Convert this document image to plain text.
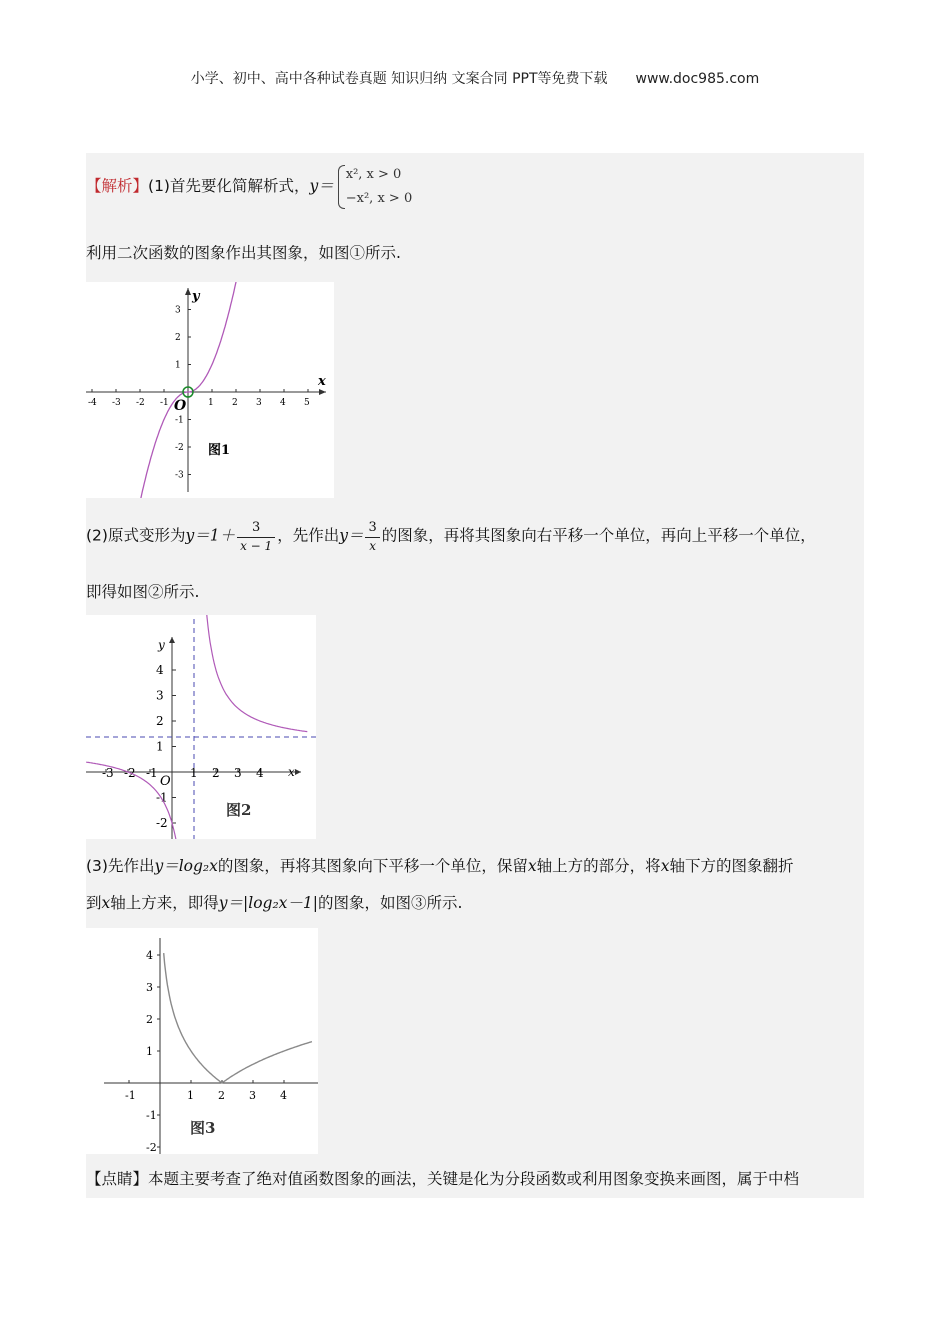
小学、初中、高中各种试卷真题 知识归纳 文案合同 PPT等免费下载 www.doc985.com
【解析】(1)首先要化简解析式，y＝
x², x > 0
−x², x > 0
利用二次函数的图象作出其图象，如图①所示.
-4 -3 -2 -1	1 2 3 4 5
3
2
1
-1
-2
-3
x
y
O
图1
(2)原式变形为$y=1+ \frac{3}{x - 1}$ ，先作出$y= \frac{3}{x}$ 的图象，再将其图象向右平移一个单位，再向上平移一个单位，
即得如图②所示.
-3 -2 -1	1 2 3 4
4
3
2
1
-1
-2
y
x
O
图2
(3)先作出y＝log₂x的图象，再将其图象向下平移一个单位，保留x轴上方的部分，将x轴下方的图象翻折
到x轴上方来，即得y＝|log₂x－1|的图象，如图③所示.
-1	1 2 3 4
4
3
2
1
-1
-2
图3
【点睛】本题主要考查了绝对值函数图象的画法，关键是化为分段函数或利用图象变换来画图，属于中档
